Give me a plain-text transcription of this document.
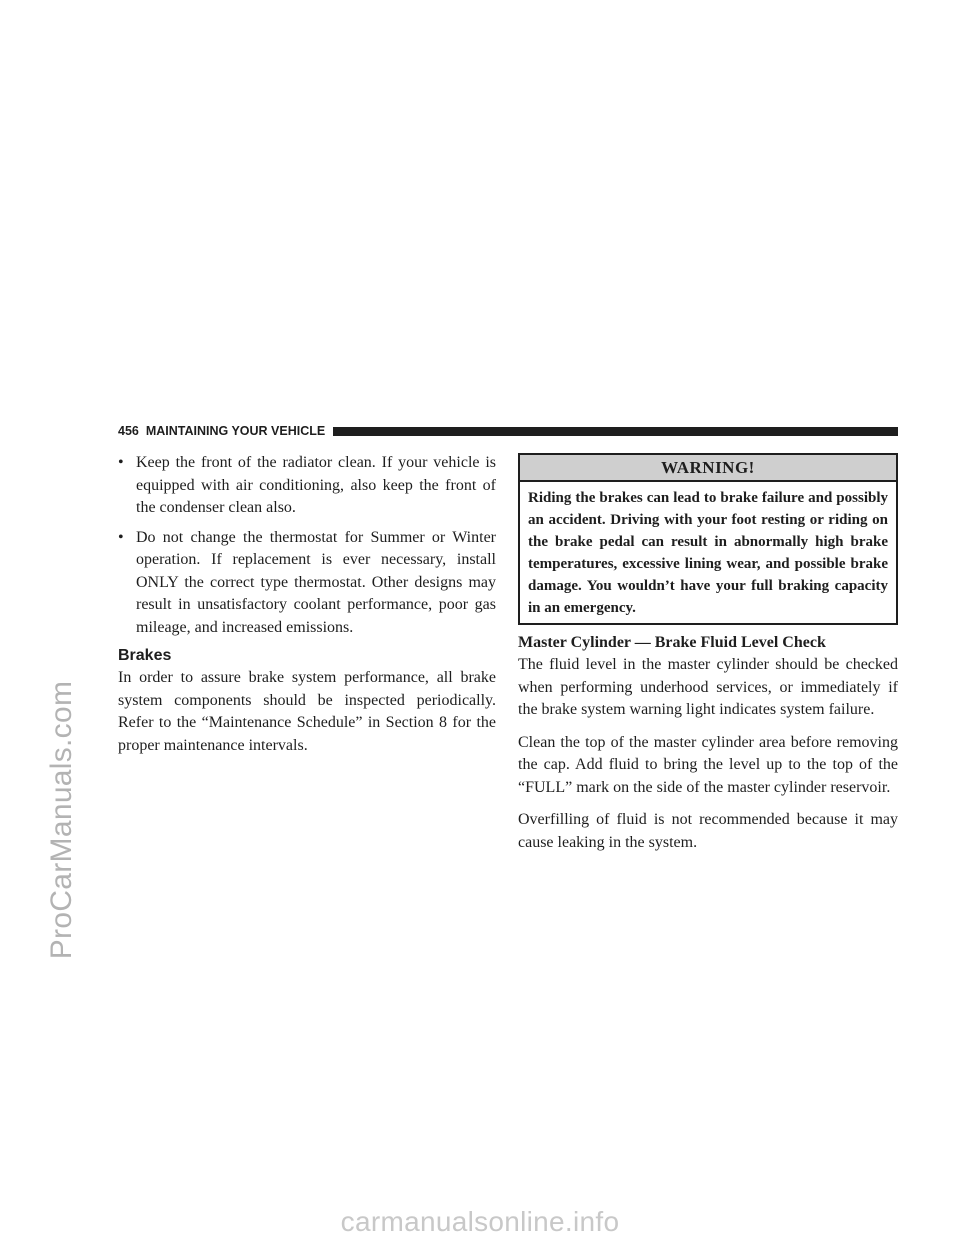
ProCarManuals.com
456 MAINTAINING YOUR VEHICLE

• Keep the front of the radiator clean. If your vehicle is equipped with air conditioning, also keep the front of the condenser clean also.

• Do not change the thermostat for Summer or Winter operation. If replacement is ever necessary, install ONLY the correct type thermostat. Other designs may result in unsatisfactory coolant performance, poor gas mileage, and increased emissions.

Brakes

In order to assure brake system performance, all brake system components should be inspected periodically. Refer to the “Maintenance Schedule” in Section 8 for the proper maintenance intervals.

WARNING!
Riding the brakes can lead to brake failure and possibly an accident. Driving with your foot resting or riding on the brake pedal can result in abnormally high brake temperatures, excessive lining wear, and possible brake damage. You wouldn’t have your full braking capacity in an emergency.
Master Cylinder — Brake Fluid Level Check

The fluid level in the master cylinder should be checked when performing underhood services, or immediately if the brake system warning light indicates system failure.

Clean the top of the master cylinder area before removing the cap. Add fluid to bring the level up to the top of the “FULL” mark on the side of the master cylinder reservoir.

Overfilling of fluid is not recommended because it may cause leaking in the system.

carmanualsonline.info
